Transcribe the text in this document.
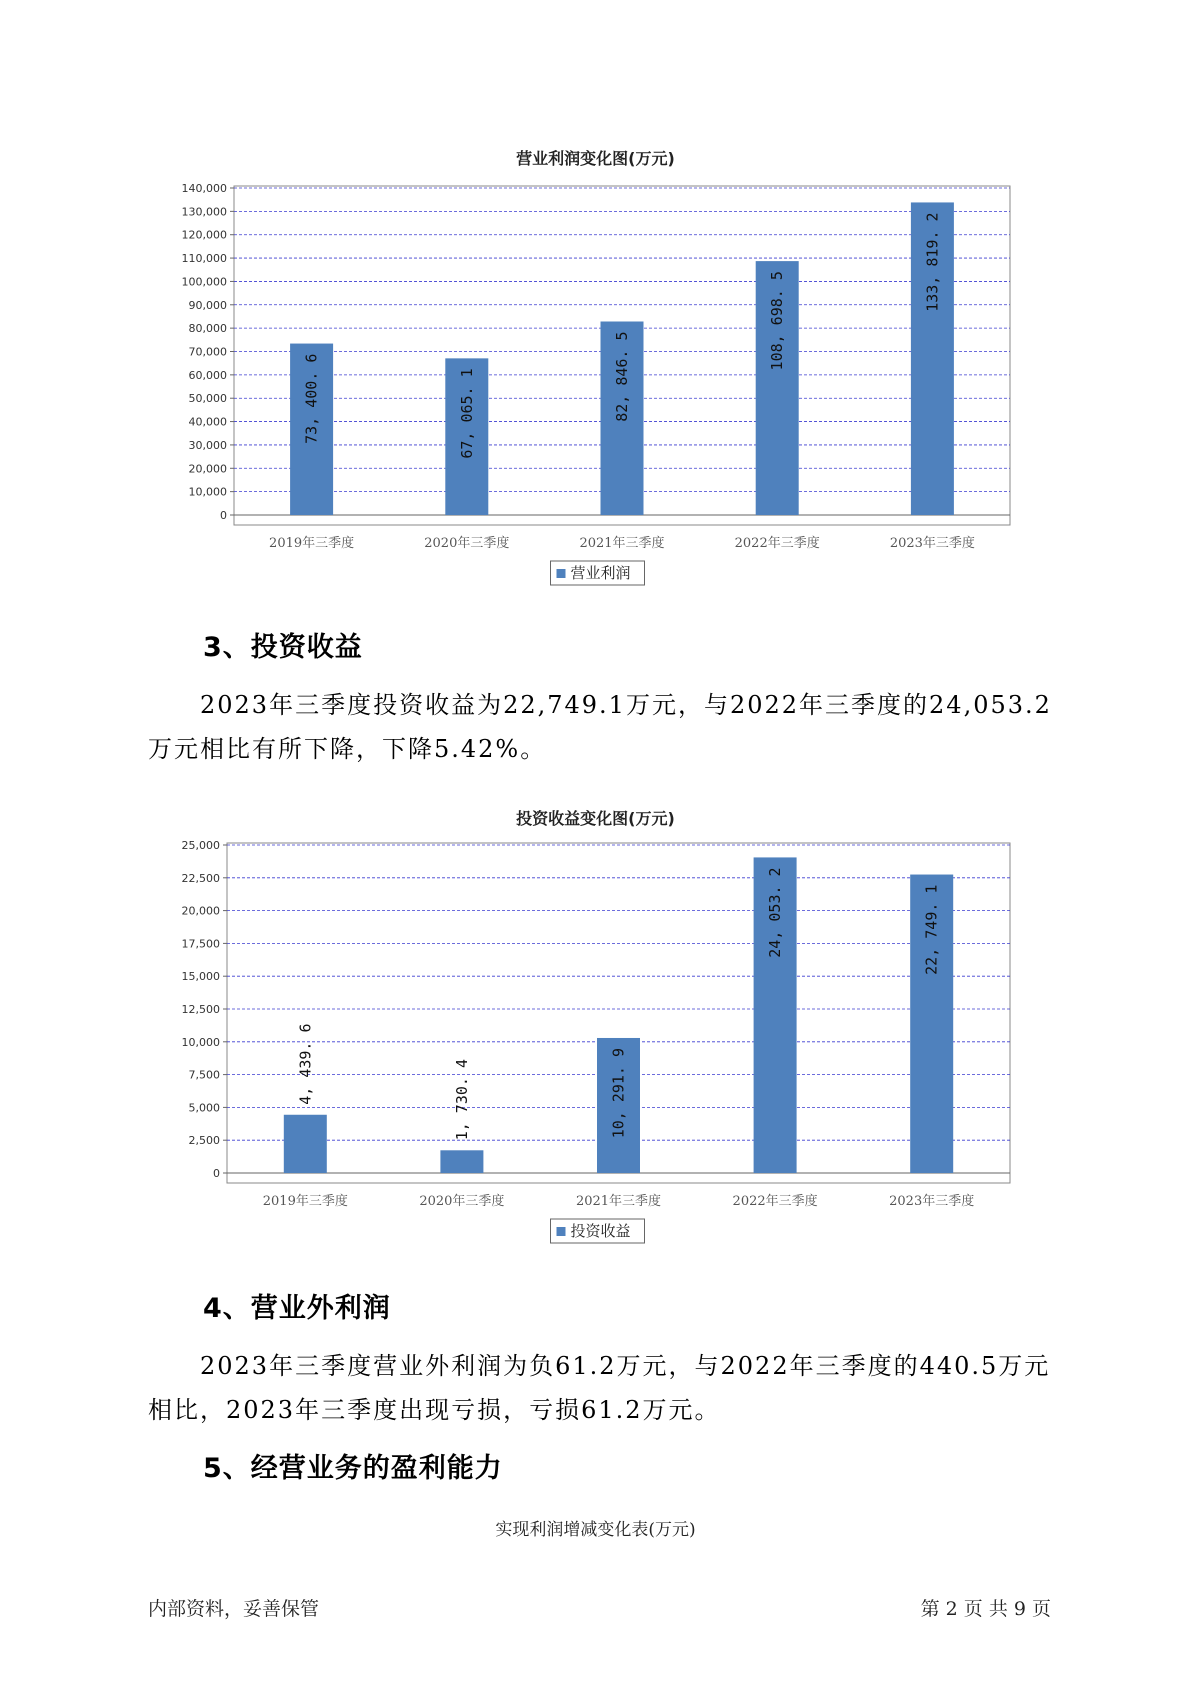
营业利润变化图(万元)
0
10,000
20,000
30,000
40,000
50,000
60,000
70,000
80,000
90,000
100,000
110,000
120,000
130,000
140,000
73, 400. 6
2019年三季度
67, 065. 1
2020年三季度
82, 846. 5
2021年三季度
108, 698. 5
2022年三季度
133, 819. 2
2023年三季度
营业利润
3、投资收益
2023年三季度投资收益为22,749.1万元，与2022年三季度的24,053.2
万元相比有所下降，下降5.42%。
投资收益变化图(万元)
0
2,500
5,000
7,500
10,000
12,500
15,000
17,500
20,000
22,500
25,000
4, 439. 6
2019年三季度
1, 730. 4
2020年三季度
10, 291. 9
2021年三季度
24, 053. 2
2022年三季度
22, 749. 1
2023年三季度
投资收益
4、营业外利润
2023年三季度营业外利润为负61.2万元，与2022年三季度的440.5万元
相比，2023年三季度出现亏损，亏损61.2万元。
5、经营业务的盈利能力
实现利润增减变化表(万元)
内部资料，妥善保管	第 2 页 共 9 页
